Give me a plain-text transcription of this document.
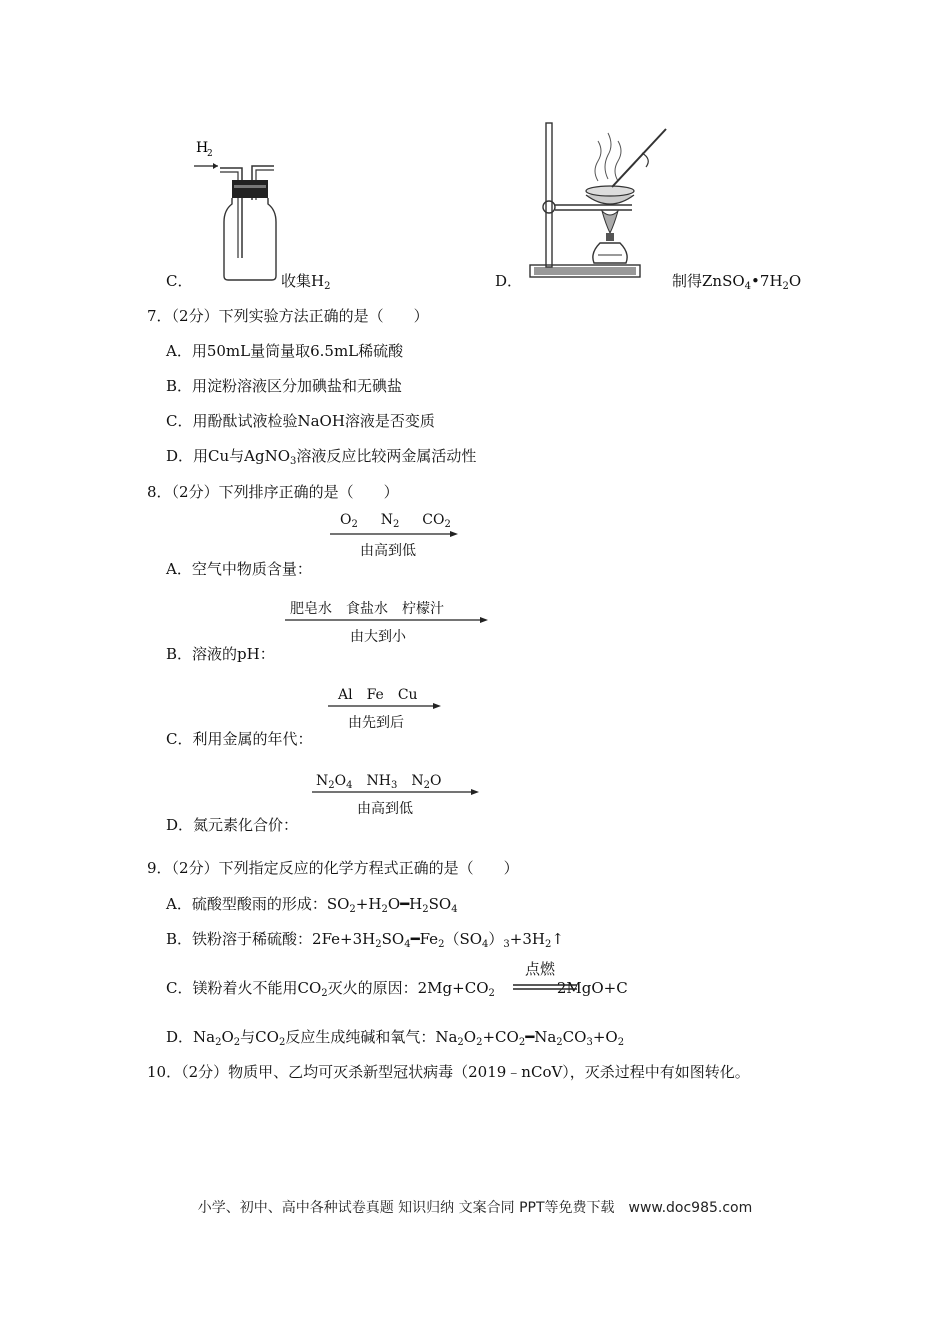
C．
H
2
收集$H_2$	D．	制得$ZnSO_4•7H_2O$
7．（2分）下列实验方法正确的是（　　）
A．用50mL量筒量取6.5mL稀硫酸
B．用淀粉溶液区分加碘盐和无碘盐
C．用酚酞试液检验NaOH溶液是否变质
D．用Cu与AgNO$_3$溶液反应比较两金属活动性
8．（2分）下列排序正确的是（　　）
A．空气中物质含量：
$O_2$ $N_2$ $CO_2$
由高到低
B．溶液的pH：
肥皂水　食盐水　柠檬汁
由大到小
C．利用金属的年代：
Al　Fe　Cu
由先到后
D．氮元素化合价：
$N_2O_4$　$NH_3$　$N_2O$
由高到低
9．（2分）下列指定反应的化学方程式正确的是（　　）
A．硫酸型酸雨的形成：$SO_2+H_2O━H_2SO_4$
B．铁粉溶于稀硫酸：$2Fe+3H_2SO_4━Fe_2(SO_4)_3+3H_2↑$
C．镁粉着火不能用$CO_2$灭火的原因：$2Mg+CO_2$	2MgO+C
点燃
D．$Na_2O_2$与$CO_2$反应生成纯碱和氧气：$Na_2O_2+CO_2━Na_2CO_3+O_2$
10．（2分）物质甲、乙均可灭杀新型冠状病毒（2019﹣nCoV），灭杀过程中有如图转化。
小学、初中、高中各种试卷真题 知识归纳 文案合同 PPT等免费下载　www.doc985.com
